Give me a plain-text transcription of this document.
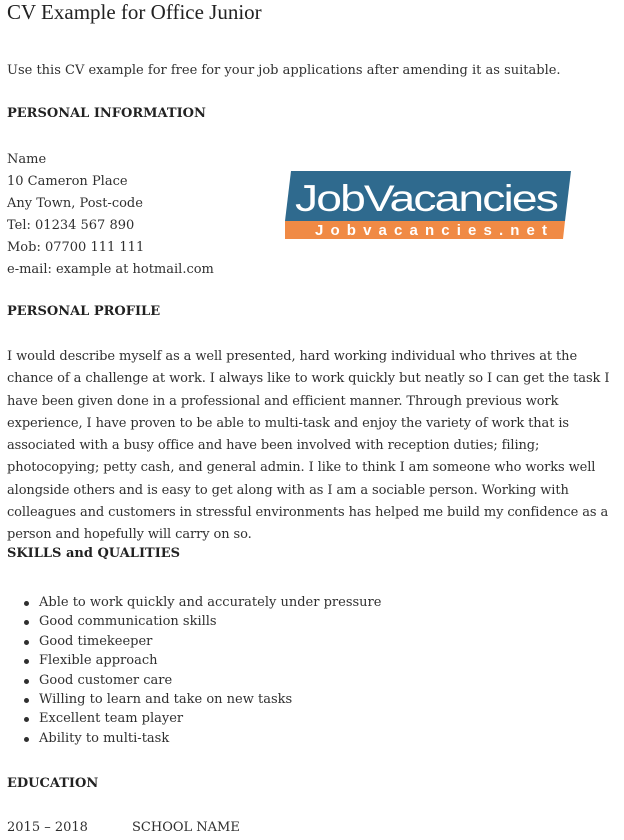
CV Example for Office Junior
Use this CV example for free for your job applications after amending it as suitable.
PERSONAL INFORMATION
Name
10 Cameron Place
Any Town, Post-code
Tel: 01234 567 890
Mob: 07700 111 111
e-mail: example at hotmail.com
PERSONAL PROFILE

I would describe myself as a well presented, hard working individual who thrives at the chance of a challenge at work. I always like to work quickly but neatly so I can get the task I have been given done in a professional and efficient manner. Through previous work experience, I have proven to be able to multi-task and enjoy the variety of work that is associated with a busy office and have been involved with reception duties; filing; photocopying; petty cash, and general admin. I like to think I am someone who works well alongside others and is easy to get along with as I am a sociable person. Working with colleagues and customers in stressful environments has helped me build my confidence as a person and hopefully will carry on so.

SKILLS and QUALITIES
Able to work quickly and accurately under pressure
Good communication skills
Good timekeeper
Flexible approach
Good customer care
Willing to learn and take on new tasks
Excellent team player
Ability to multi-task
EDUCATION
2015 – 2018	SCHOOL NAME
JobVacancies
Jobvacancies.net
